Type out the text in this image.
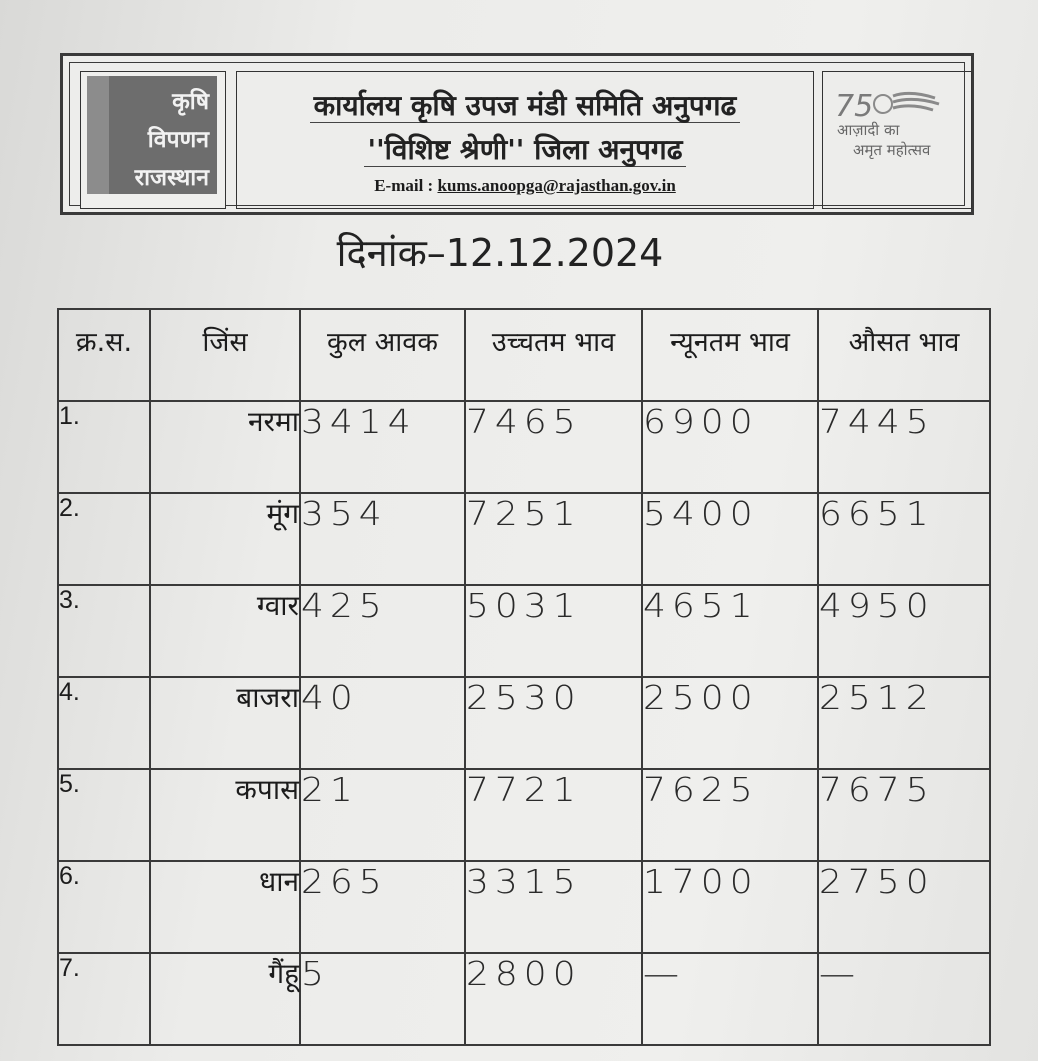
कृषि
विपणन
राजस्थान
कार्यालय कृषि उपज मंडी समिति अनुपगढ
''विशिष्ट श्रेणी'' जिला अनुपगढ
E-mail : kums.anoopga@rajasthan.gov.in
75
आज़ादी का
अमृत महोत्सव
दिनांक–12.12.2024
क्र.स.	जिंस	कुल आवक	उच्चतम भाव	न्यूनतम भाव	औसत भाव
1.	नरमा	3414	7465	6900	7445
2.	मूंग	354	7251	5400	6651
3.	ग्वार	425	5031	4651	4950
4.	बाजरा	40	2530	2500	2512
5.	कपास	21	7721	7625	7675
6.	धान	265	3315	1700	2750
7.	गैंहू	5	2800	—	—
